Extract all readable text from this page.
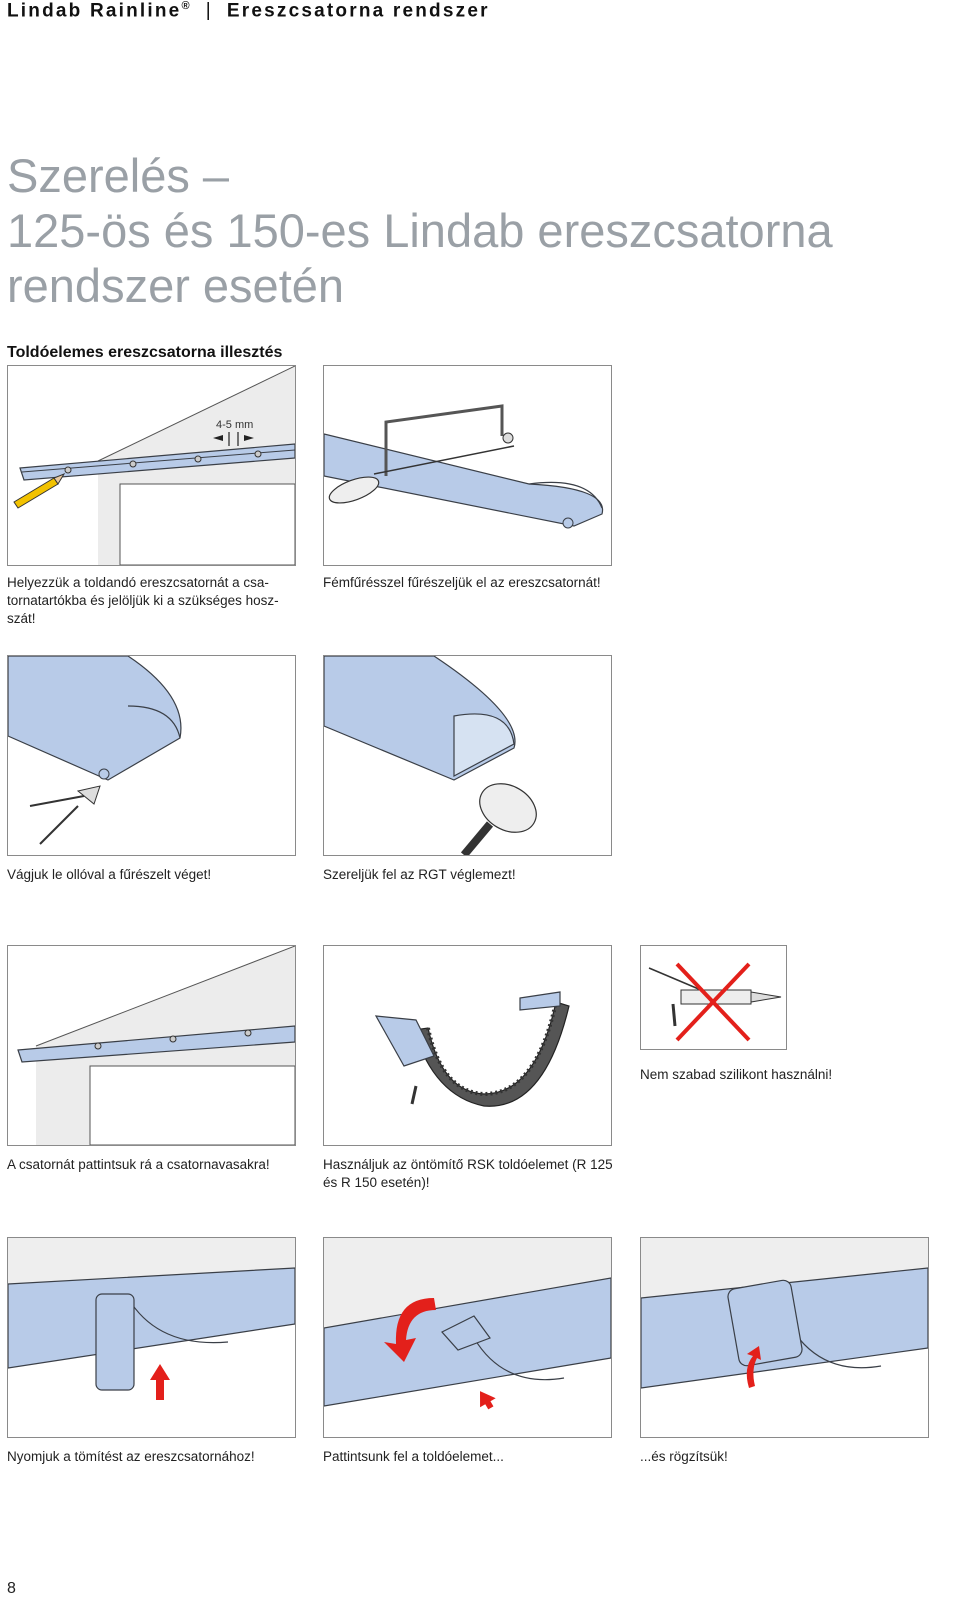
Lindab Rainline® | Ereszcsatorna rendszer
Szerelés –
125-ös és 150-es Lindab ereszcsatorna
rendszer esetén
Toldóelemes ereszcsatorna illesztés
4-5 mm
Helyezzük a toldandó ereszcsatornát a csa-tornatartókba és jelöljük ki a szükséges hosz-szát!
Fémfűrésszel fűrészeljük el az ereszcsatornát!
Vágjuk le ollóval a fűrészelt véget!	Szereljük fel az RGT véglemezt!
A csatornát pattintsuk rá a csatornavasakra!	Használjuk az öntömítő RSK toldóelemet (R 125 és R 150 esetén)!
Nem szabad szilikont használni!
Nyomjuk a tömítést az ereszcsatornához!	Pattintsunk fel a toldóelemet...	...és rögzítsük!
8
